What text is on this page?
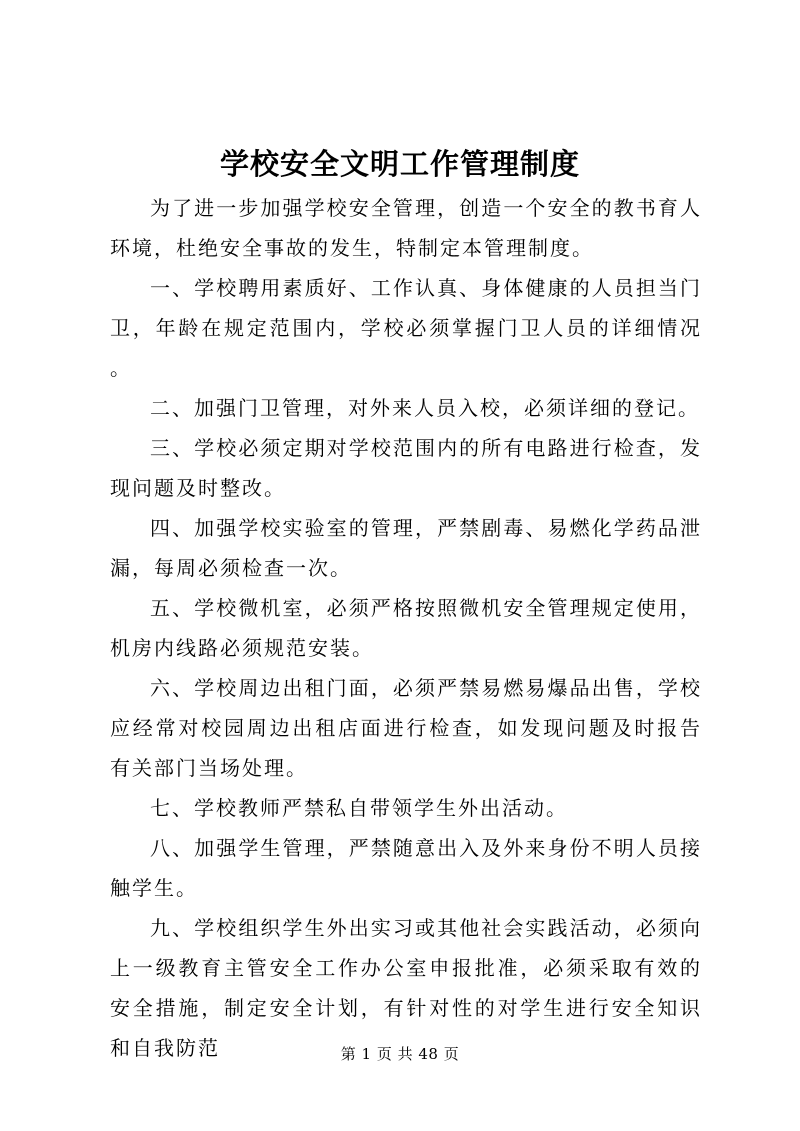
学校安全文明工作管理制度

为了进一步加强学校安全管理，创造一个安全的教书育人环境，杜绝安全事故的发生，特制定本管理制度。

一、学校聘用素质好、工作认真、身体健康的人员担当门卫，年龄在规定范围内，学校必须掌握门卫人员的详细情况。

二、加强门卫管理，对外来人员入校，必须详细的登记。

三、学校必须定期对学校范围内的所有电路进行检查，发现问题及时整改。

四、加强学校实验室的管理，严禁剧毒、易燃化学药品泄漏，每周必须检查一次。

五、学校微机室，必须严格按照微机安全管理规定使用，机房内线路必须规范安装。

六、学校周边出租门面，必须严禁易燃易爆品出售，学校应经常对校园周边出租店面进行检查，如发现问题及时报告有关部门当场处理。

七、学校教师严禁私自带领学生外出活动。

八、加强学生管理，严禁随意出入及外来身份不明人员接触学生。

九、学校组织学生外出实习或其他社会实践活动，必须向上一级教育主管安全工作办公室申报批准，必须采取有效的安全措施，制定安全计划，有针对性的对学生进行安全知识和自我防范	第 1 页 共 48 页
